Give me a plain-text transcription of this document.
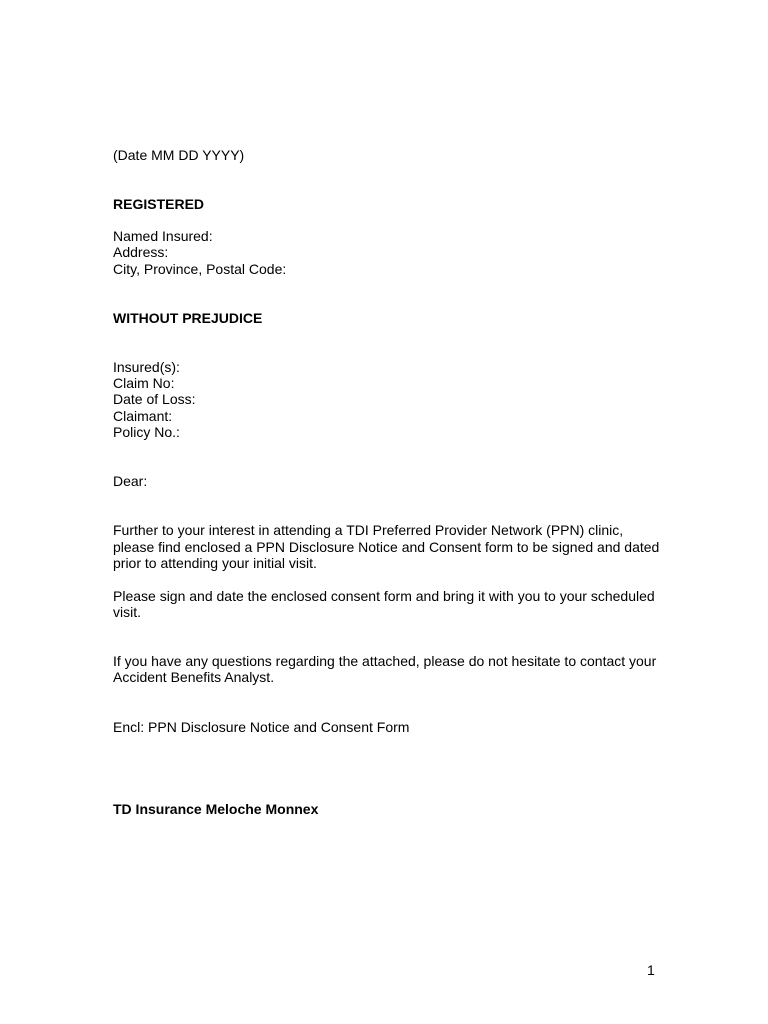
(Date MM DD YYYY)

REGISTERED

Named Insured:

Address:

City, Province, Postal Code:

WITHOUT PREJUDICE

Insured(s):

Claim No:

Date of Loss:

Claimant:

Policy No.:

Dear:

Further to your interest in attending a TDI Preferred Provider Network (PPN) clinic,

please find enclosed a PPN Disclosure Notice and Consent form to be signed and dated

prior to attending your initial visit.

Please sign and date the enclosed consent form and bring it with you to your scheduled

visit.

If you have any questions regarding the attached, please do not hesitate to contact your

Accident Benefits Analyst.

Encl: PPN Disclosure Notice and Consent Form

TD Insurance Meloche Monnex

1
